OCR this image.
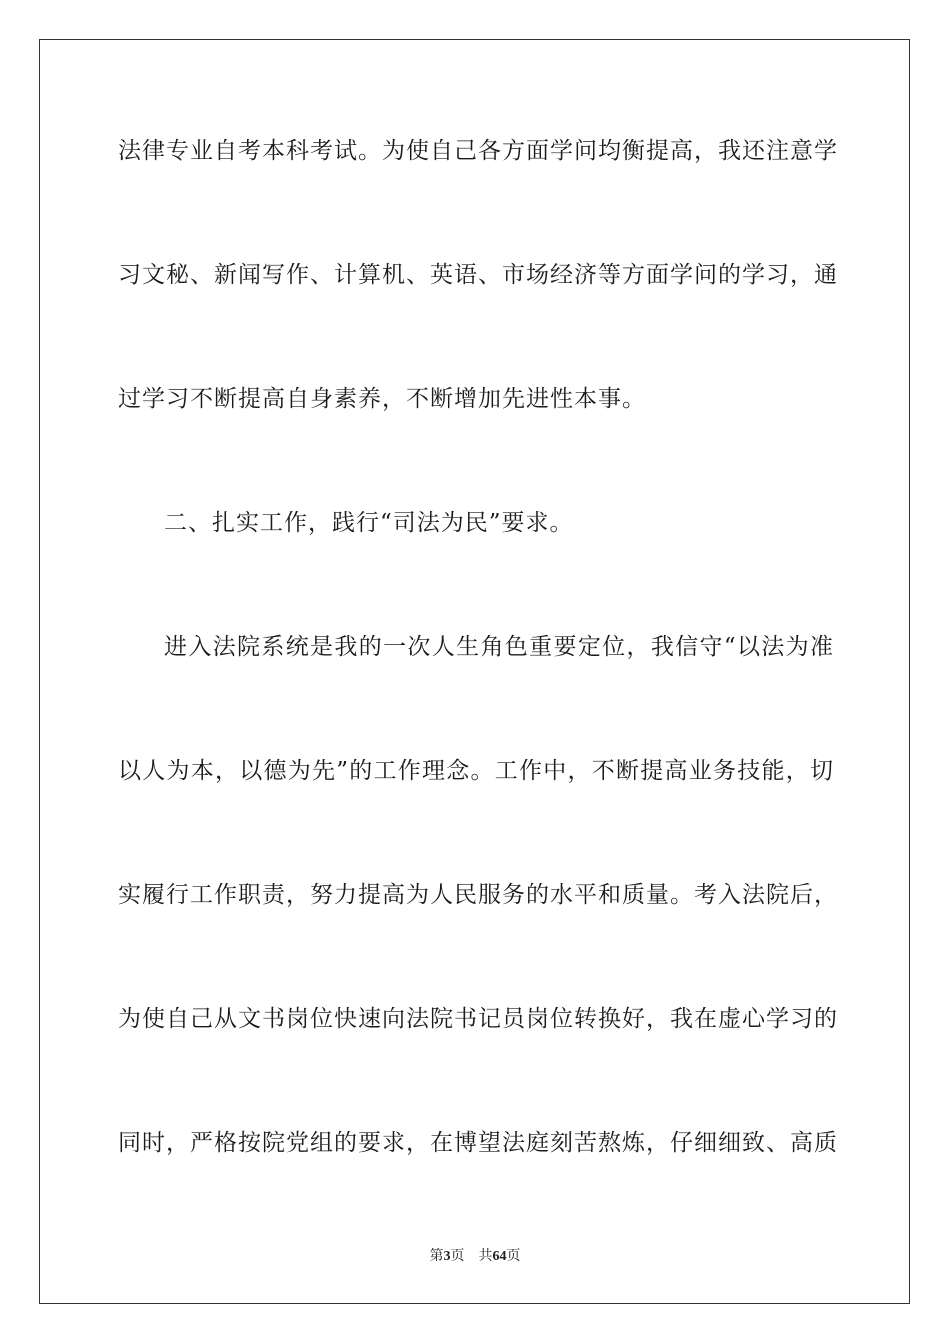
法律专业自考本科考试。为使自己各方面学问均衡提高，我还注意学
习文秘、新闻写作、计算机、英语、市场经济等方面学问的学习，通
过学习不断提高自身素养，不断增加先进性本事。
二、扎实工作，践行“司法为民”要求。
进入法院系统是我的一次人生角色重要定位，我信守“以法为准
以人为本，以德为先”的工作理念。工作中，不断提高业务技能，切
实履行工作职责，努力提高为人民服务的水平和质量。考入法院后，
为使自己从文书岗位快速向法院书记员岗位转换好，我在虚心学习的
同时，严格按院党组的要求，在博望法庭刻苦熬炼，仔细细致、高质
第3页 共64页
